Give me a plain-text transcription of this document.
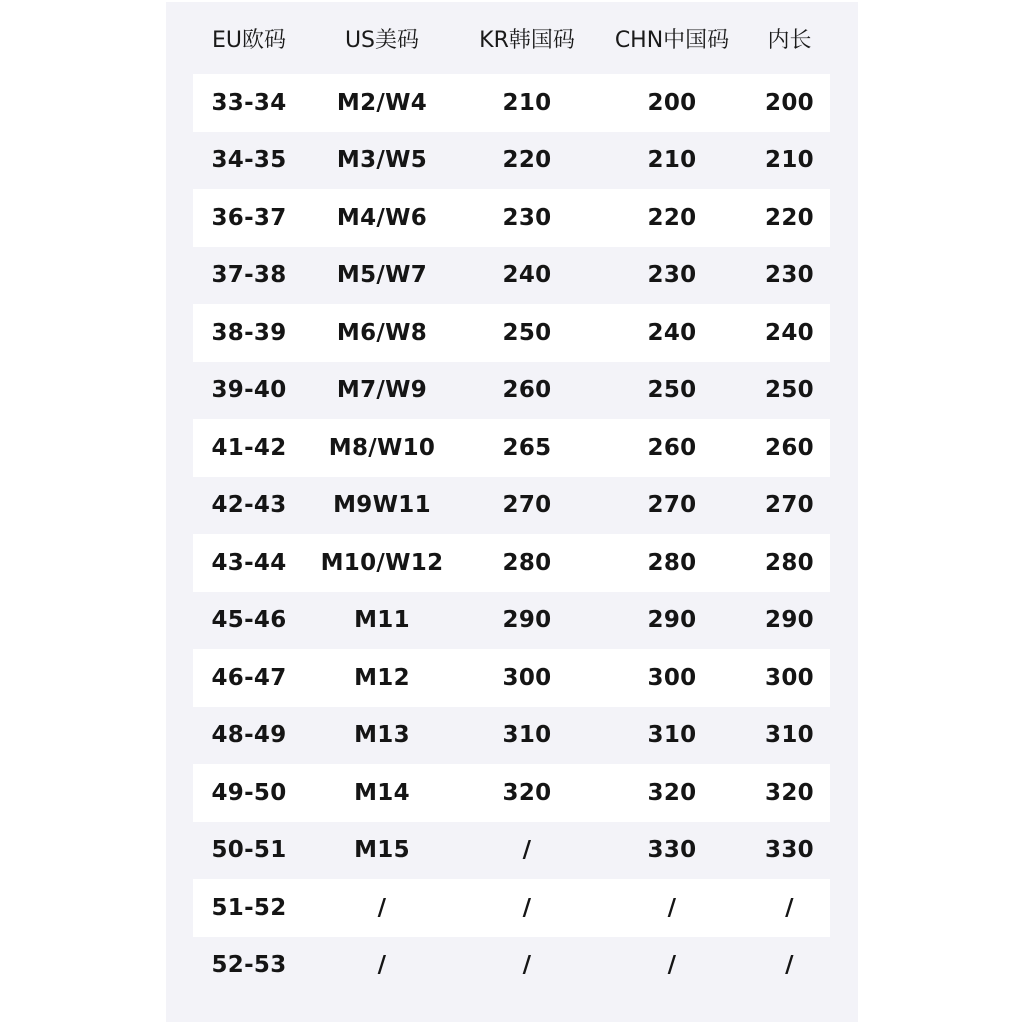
EU欧码	US美码	KR韩国码	CHN中国码	内长
33-34	M2/W4	210	200	200
34-35	M3/W5	220	210	210
36-37	M4/W6	230	220	220
37-38	M5/W7	240	230	230
38-39	M6/W8	250	240	240
39-40	M7/W9	260	250	250
41-42	M8/W10	265	260	260
42-43	M9W11	270	270	270
43-44	M10/W12	280	280	280
45-46	M11	290	290	290
46-47	M12	300	300	300
48-49	M13	310	310	310
49-50	M14	320	320	320
50-51	M15	/	330	330
51-52	/	/	/	/
52-53	/	/	/	/
